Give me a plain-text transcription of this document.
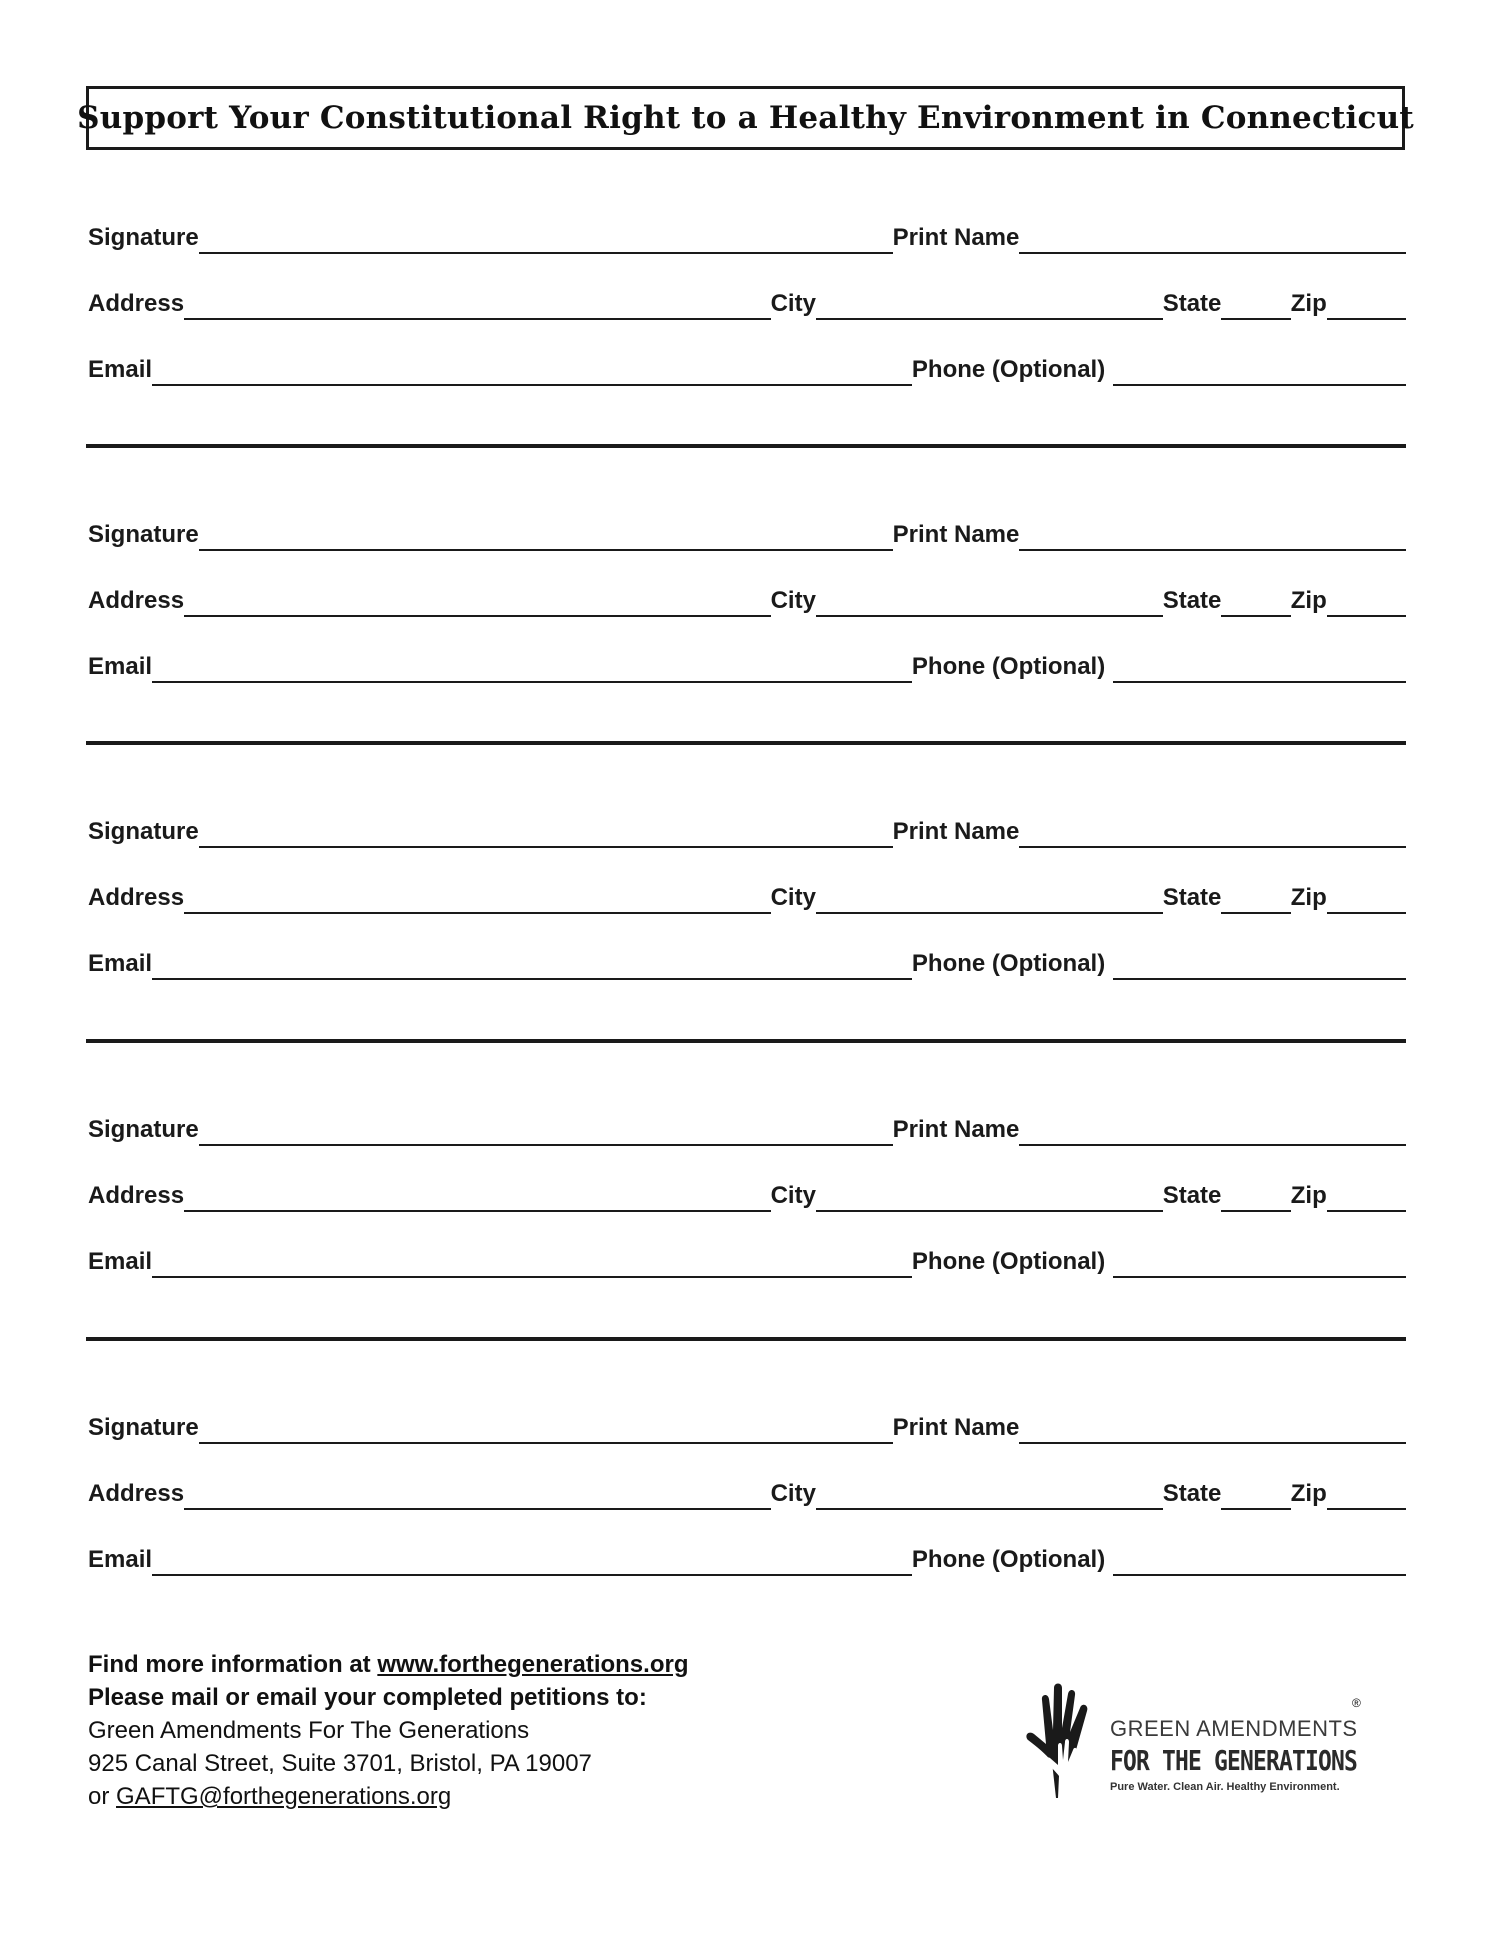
Support Your Constitutional Right to a Healthy Environment in Connecticut
Signature	Print Name
Address	City	State	Zip
Email	Phone (Optional)
Signature	Print Name
Address	City	State	Zip
Email	Phone (Optional)
Signature	Print Name
Address	City	State	Zip
Email	Phone (Optional)
Signature	Print Name
Address	City	State	Zip
Email	Phone (Optional)
Signature	Print Name
Address	City	State	Zip
Email	Phone (Optional)
Find more information at www.forthegenerations.org
Please mail or email your completed petitions to:
Green Amendments For The Generations
925 Canal Street, Suite 3701, Bristol, PA 19007
or GAFTG@forthegenerations.org
®
GREEN AMENDMENTS
FOR THE GENERATIONS
Pure Water. Clean Air. Healthy Environment.
